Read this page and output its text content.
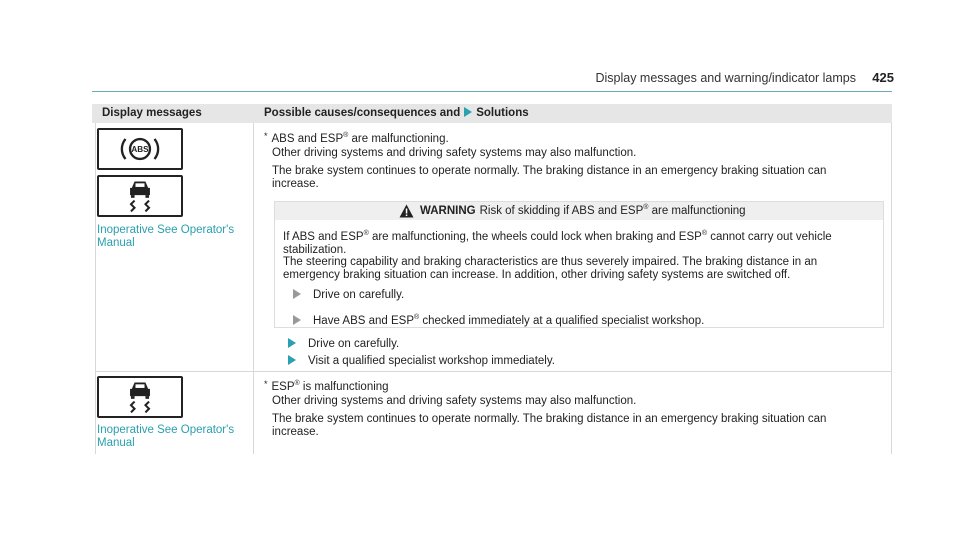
Display messages and warning/indicator lamps 425
Display messages	Possible causes/consequences and Solutions
ABS
Inoperative See Operator's Manual
* ABS and ESP® are malfunctioning.
Other driving systems and driving safety systems may also malfunction.
The brake system continues to operate normally. The braking distance in an emergency braking situation can increase.
WARNING Risk of skidding if ABS and ESP® are malfunctioning
If ABS and ESP® are malfunctioning, the wheels could lock when braking and ESP® cannot carry out vehicle stabilization.
The steering capability and braking characteristics are thus severely impaired. The braking distance in an emergency braking situation can increase. In addition, other driving safety systems are switched off.
Drive on carefully.
Have ABS and ESP® checked immediately at a qualified specialist workshop.
Drive on carefully.
Visit a qualified specialist workshop immediately.
Inoperative See Operator's Manual
* ESP® is malfunctioning
Other driving systems and driving safety systems may also malfunction.
The brake system continues to operate normally. The braking distance in an emergency braking situation can increase.
